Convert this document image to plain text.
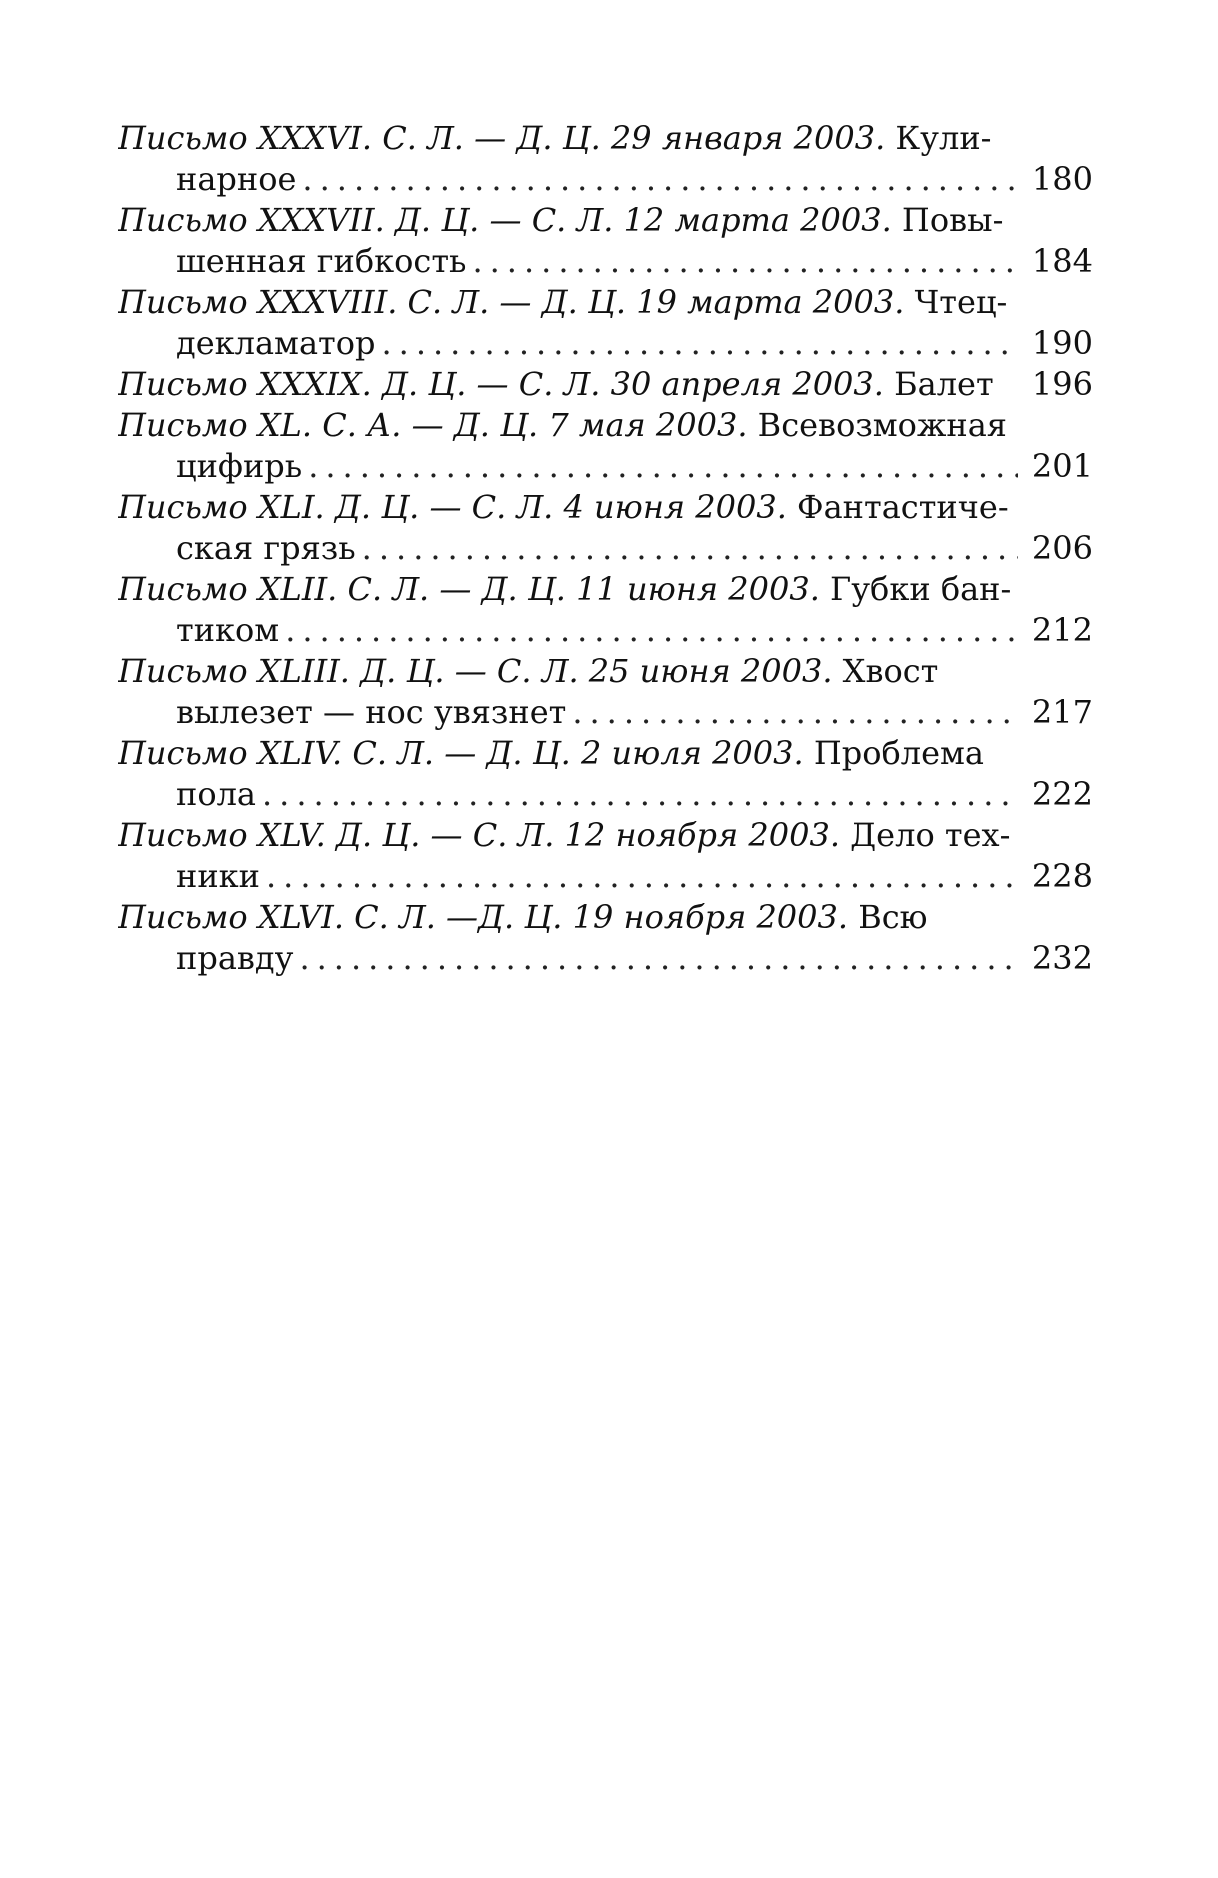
Письмо XXXVI. С. Л. — Д. Ц. 29 января 2003. Кули-
нарное .....	180
Письмо XXXVII. Д. Ц. — С. Л. 12 марта 2003. Повы-
шенная гибкость .....	184
Письмо XXXVIII. С. Л. — Д. Ц. 19 марта 2003. Чтец-
декламатор .....	190
Письмо XXXIX. Д. Ц. — С. Л. 30 апреля 2003. Балет 196
Письмо XL. С. А. — Д. Ц. 7 мая 2003. Всевозможная
цифирь .....	201
Письмо XLI. Д. Ц. — С. Л. 4 июня 2003. Фантастиче-
ская грязь .....	206
Письмо XLII. С. Л. — Д. Ц. 11 июня 2003. Губки бан-
тиком .....	212
Письмо XLIII. Д. Ц. — С. Л. 25 июня 2003. Хвост
вылезет — нос увязнет .....	217
Письмо XLIV. С. Л. — Д. Ц. 2 июля 2003. Проблема
пола .....	222
Письмо XLV. Д. Ц. — С. Л. 12 ноября 2003. Дело тех-
ники .....	228
Письмо XLVI. С. Л. —Д. Ц. 19 ноября 2003. Всю
правду .....	232
